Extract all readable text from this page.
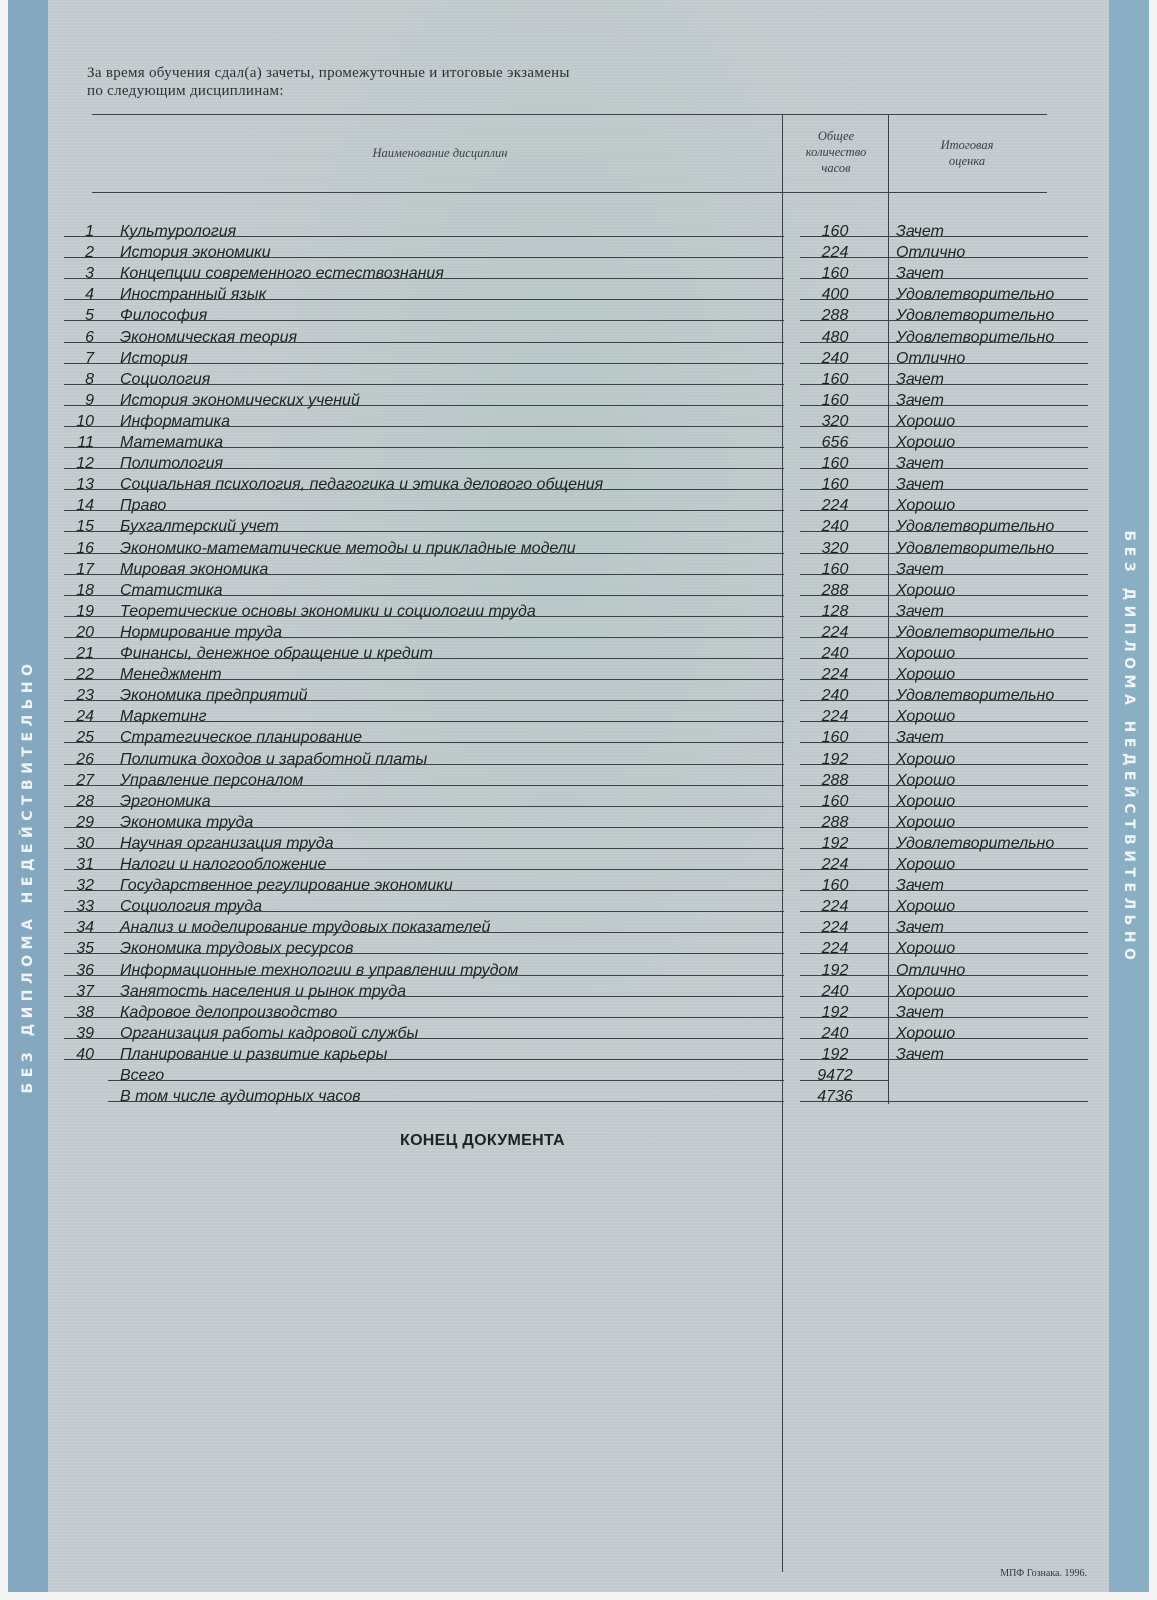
БЕЗ ДИПЛОМА НЕДЕЙСТВИТЕЛЬНО	БЕЗ ДИПЛОМА НЕДЕЙСТВИТЕЛЬНО
За время обучения сдал(а) зачеты, промежуточные и итоговые экзамены
по следующим дисциплинам:
Наименование дисциплин
Общее
количество
часов
Итоговая
оценка
1 Культурология	160	Зачет
2 История экономики	224	Отлично
3 Концепции современного естествознания	160	Зачет
4 Иностранный язык	400	Удовлетворительно
5 Философия	288	Удовлетворительно
6 Экономическая теория	480	Удовлетворительно
7 История	240	Отлично
8 Социология	160	Зачет
9 История экономических учений	160	Зачет
10 Информатика	320	Хорошо
11 Математика	656	Хорошо
12 Политология	160	Зачет
13 Социальная психология, педагогика и этика делового общения	160	Зачет
14 Право	224	Хорошо
15 Бухгалтерский учет	240	Удовлетворительно
16 Экономико-математические методы и прикладные модели	320	Удовлетворительно
17 Мировая экономика	160	Зачет
18 Статистика	288	Хорошо
19 Теоретические основы экономики и социологии труда	128	Зачет
20 Нормирование труда	224	Удовлетворительно
21 Финансы, денежное обращение и кредит	240	Хорошо
22 Менеджмент	224	Хорошо
23 Экономика предприятий	240	Удовлетворительно
24 Маркетинг	224	Хорошо
25 Стратегическое планирование	160	Зачет
26 Политика доходов и заработной платы	192	Хорошо
27 Управление персоналом	288	Хорошо
28 Эргономика	160	Хорошо
29 Экономика труда	288	Хорошо
30 Научная организация труда	192	Удовлетворительно
31 Налоги и налогообложение	224	Хорошо
32 Государственное регулирование экономики	160	Зачет
33 Социология труда	224	Хорошо
34 Анализ и моделирование трудовых показателей	224	Зачет
35 Экономика трудовых ресурсов	224	Хорошо
36 Информационные технологии в управлении трудом	192	Отлично
37 Занятость населения и рынок труда	240	Хорошо
38 Кадровое делопроизводство	192	Зачет
39 Организация работы кадровой службы	240	Хорошо
40 Планирование и развитие карьеры	192	Зачет
Всего	9472
В том числе аудиторных часов	4736
КОНЕЦ ДОКУМЕНТА
МПФ Гознака. 1996.
